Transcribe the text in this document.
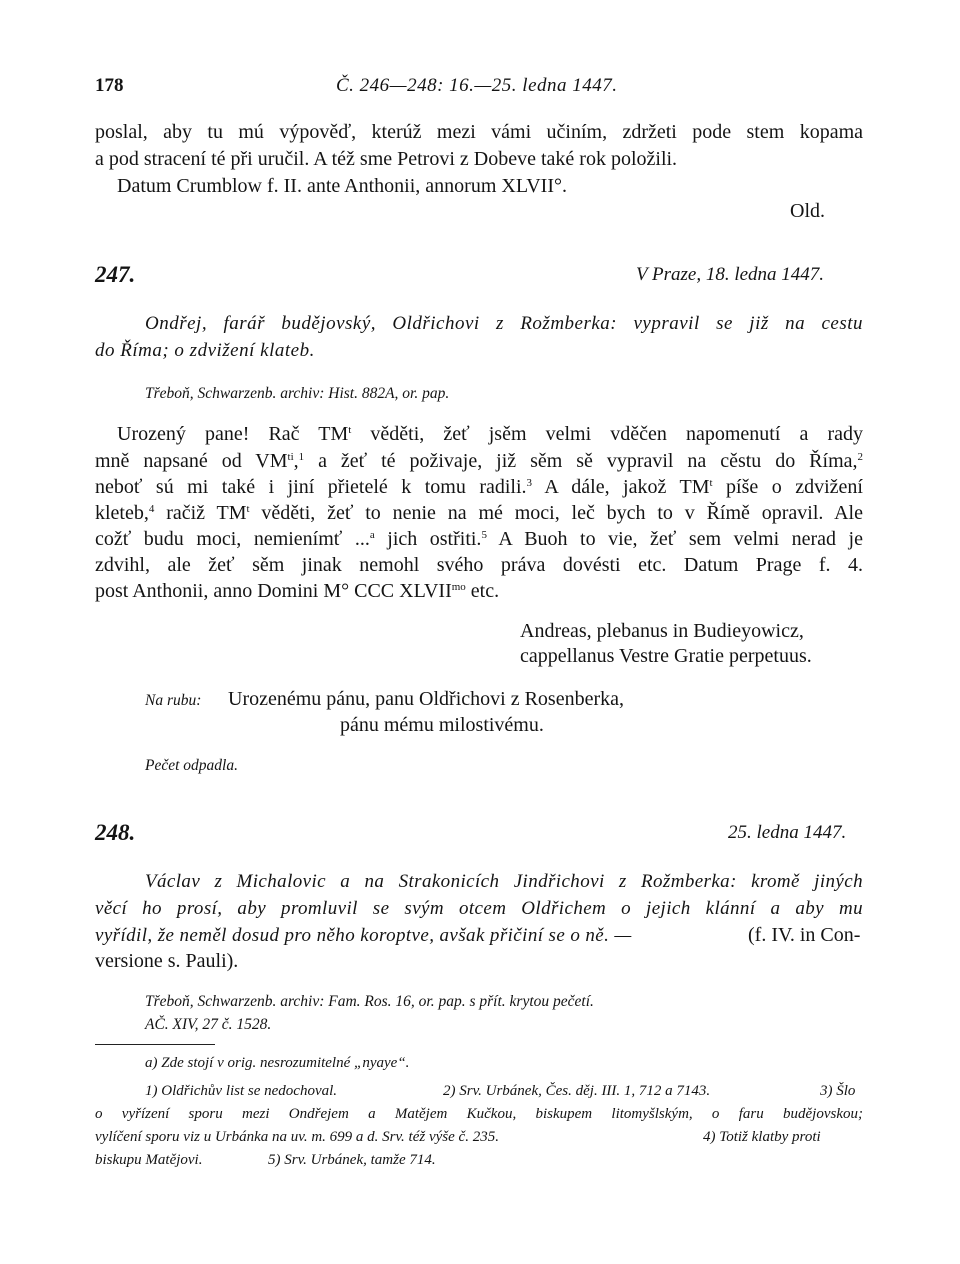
178	Č. 246—248: 16.—25. ledna 1447.
poslal, aby tu mú výpověď, kterúž mezi vámi učiním, zdržeti pode stem kopama
a pod stracení té při uručil. A též sme Petrovi z Dobeve také rok položili.
Datum Crumblow f. II. ante Anthonii, annorum XLVII°.
Old.
247.	V Praze, 18. ledna 1447.
Ondřej, farář budějovský, Oldřichovi z Rožmberka: vypravil se již na cestu
do Říma; o zdvižení klateb.
Třeboň, Schwarzenb. archiv: Hist. 882A, or. pap.
Urozený pane! Rač $TM^t$ věděti, žeť jsěm velmi vděčen napomenutí a rady
mně napsané od $VM^{ti},^1$ a žeť té poživaje, již sěm sě vypravil na cěstu do Říma,$^2$
neboť sú mi také i jiní přietelé k tomu radili.$^3$ A dále, jakož $TM^t$ píše o zdvižení
kleteb,$^4$ račiž $TM^t$ věděti, žeť to nenie na mé moci, leč bych to v Římě opravil. Ale
cožť budu moci, nemienímť ...$^a$ jich ostřiti.$^5$ A Buoh to vie, žeť sem velmi nerad je
zdvihl, ale žeť sěm jinak nemohl svého práva dovésti etc. Datum Prage f. 4.
post Anthonii, anno Domini M° CCC $XLVII^{mo}$ etc.
Andreas, plebanus in Budieyowicz,
cappellanus Vestre Gratie perpetuus.
Na rubu: Urozenému pánu, panu Oldřichovi z Rosenberka,
pánu mému milostivému.
Pečet odpadla.
248.	25. ledna 1447.
Václav z Michalovic a na Strakonicích Jindřichovi z Rožmberka: kromě jiných
věcí ho prosí, aby promluvil se svým otcem Oldřichem o jejich klánní a aby mu
vyřídil, že neměl dosud pro něho koroptve, avšak přičiní se o ně. —	(f. IV. in Con-
versione s. Pauli).
Třeboň, Schwarzenb. archiv: Fam. Ros. 16, or. pap. s přít. krytou pečetí.
AČ. XIV, 27 č. 1528.
a) Zde stojí v orig. nesrozumitelné „nyaye“.
1) Oldřichův list se nedochoval.	2) Srv. Urbánek, Čes. děj. III. 1, 712 a 7143.	3) Šlo
o vyřízení sporu mezi Ondřejem a Matějem Kučkou, biskupem litomyšlským, o faru budějovskou;
vylíčení sporu viz u Urbánka na uv. m. 699 a d. Srv. též výše č. 235.	4) Totiž klatby proti
biskupu Matějovi.	5) Srv. Urbánek, tamže 714.
